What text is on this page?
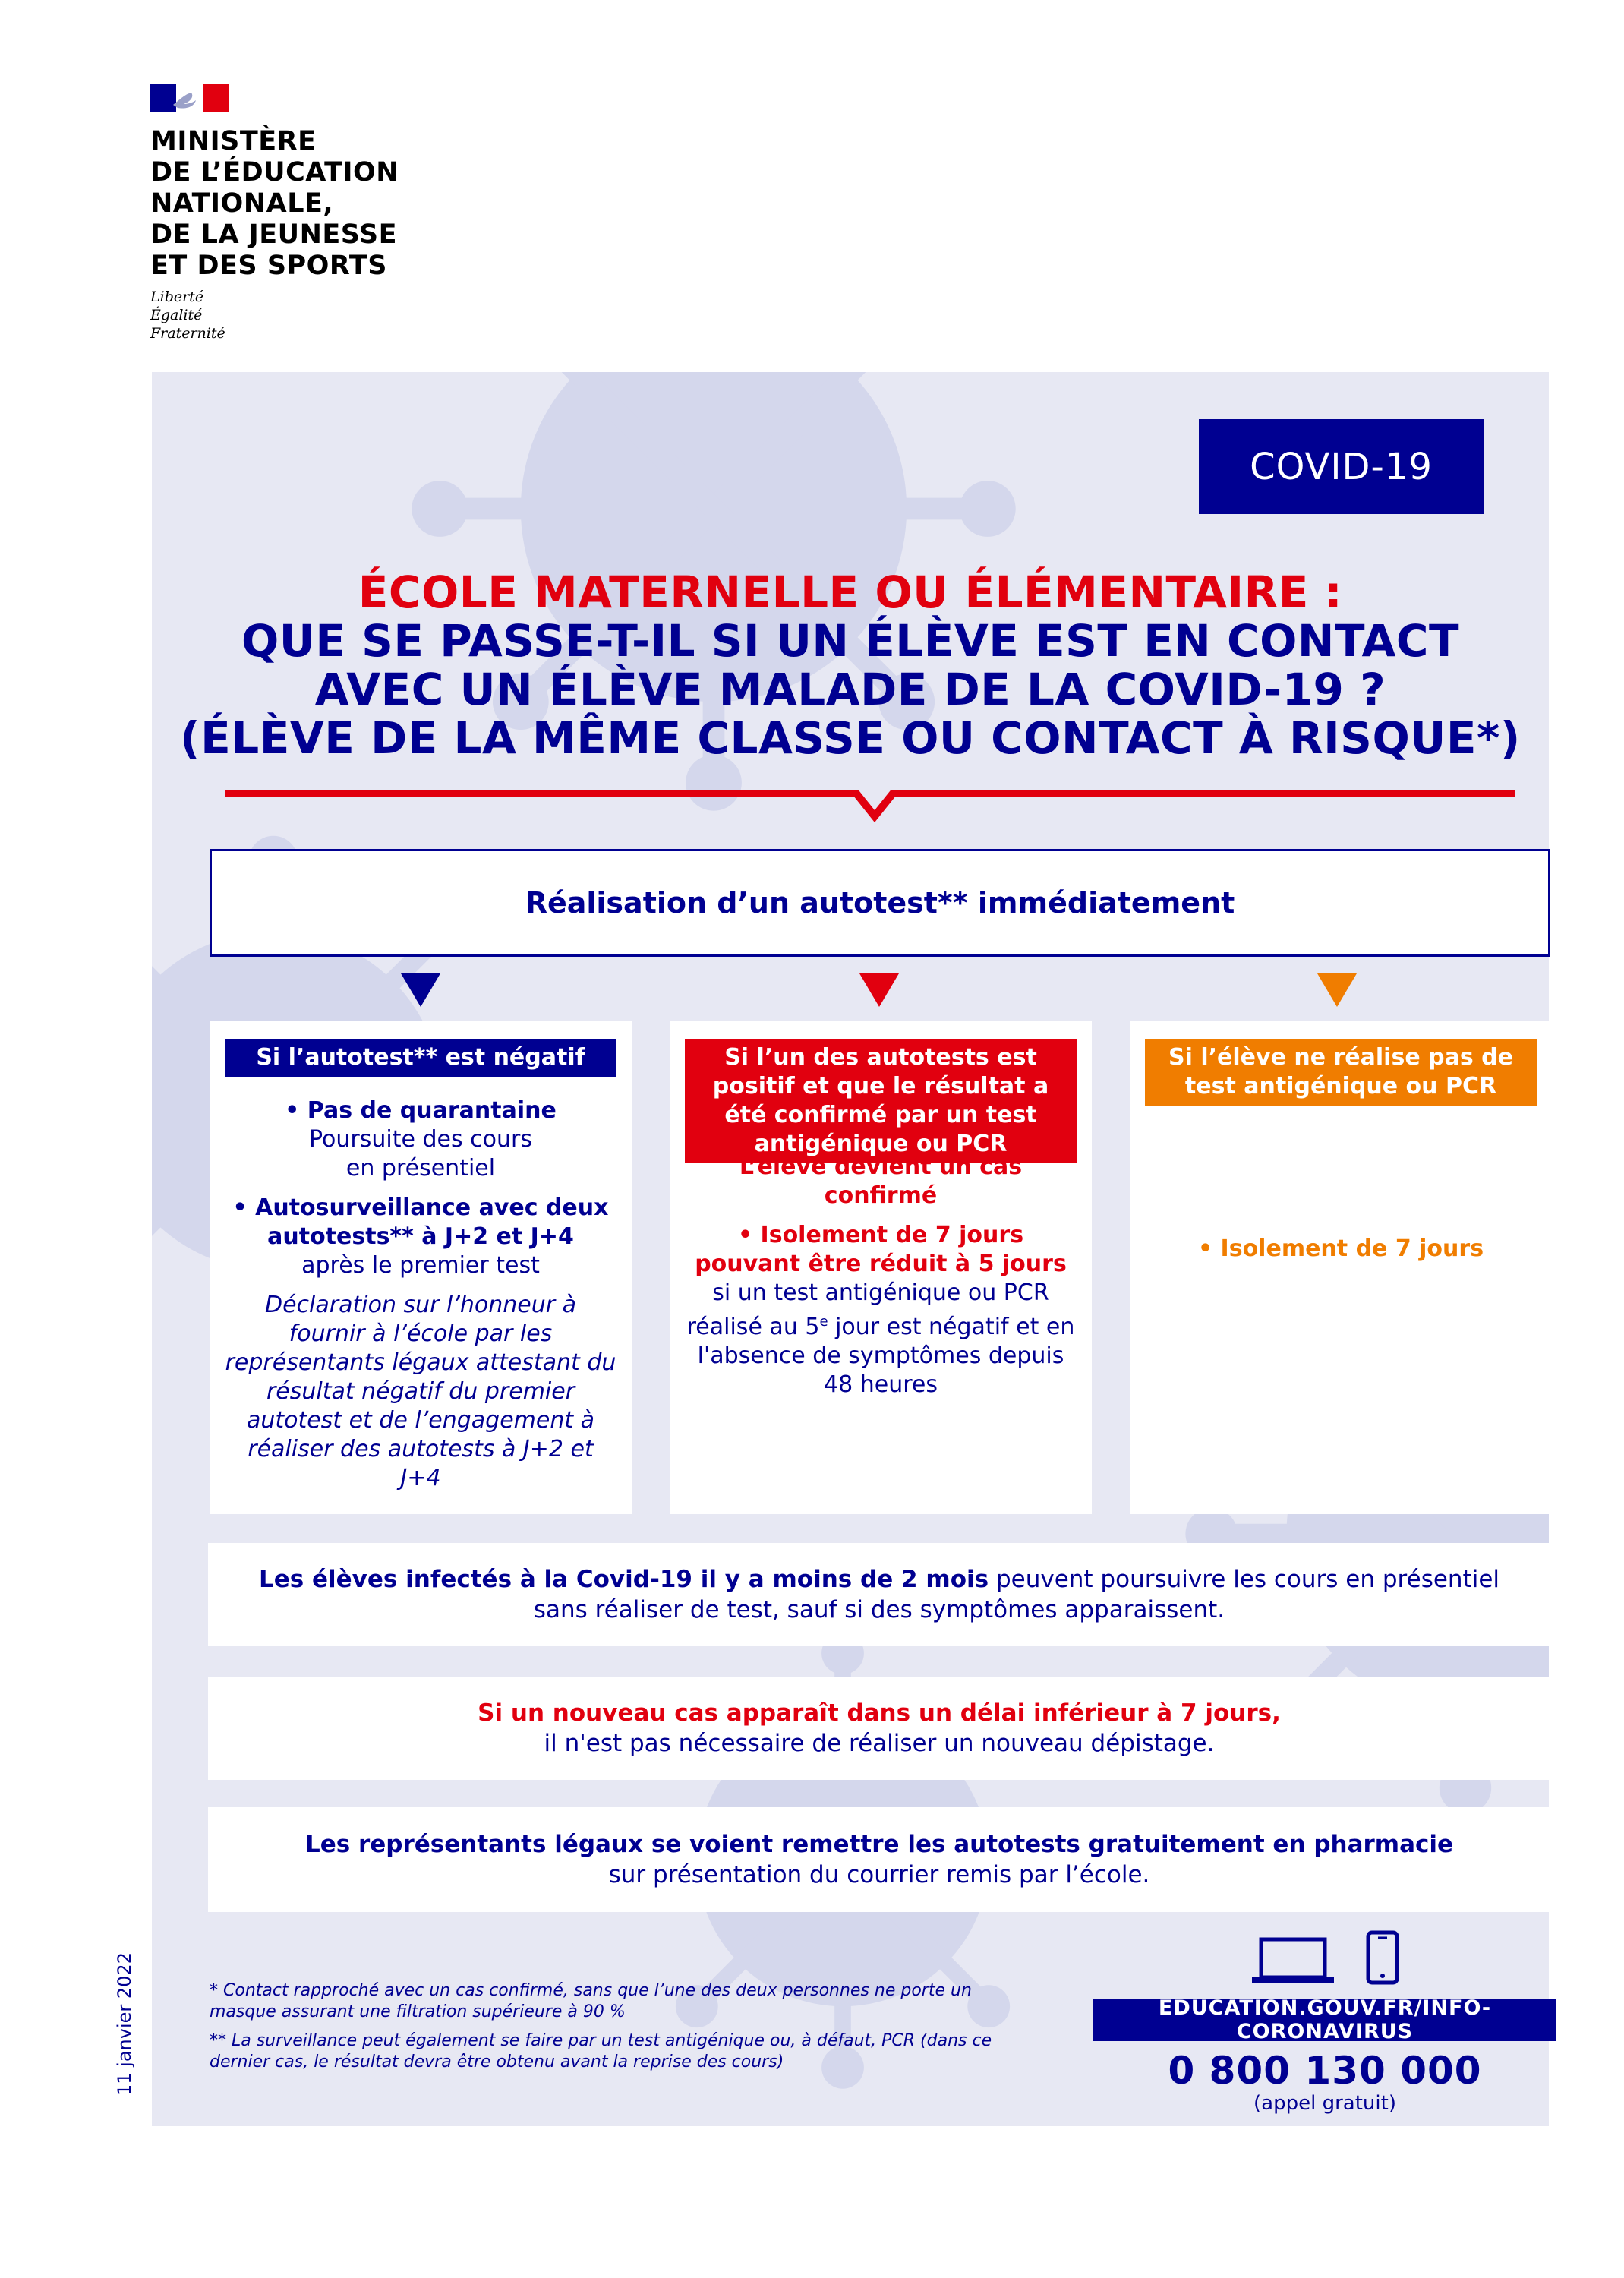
MINISTÈRE
DE L’ÉDUCATION
NATIONALE,
DE LA JEUNESSE
ET DES SPORTS
Liberté
Égalité
Fraternité
COVID-19
ÉCOLE MATERNELLE OU ÉLÉMENTAIRE :
QUE SE PASSE-T-IL SI UN ÉLÈVE EST EN CONTACT
AVEC UN ÉLÈVE MALADE DE LA COVID-19 ?
(ÉLÈVE DE LA MÊME CLASSE OU CONTACT À RISQUE*)
Réalisation d’un autotest** immédiatement
Si l’autotest** est négatif

• Pas de quarantaine
Poursuite des cours
en présentiel

• Autosurveillance avec deux autotests** à J+2 et J+4
après le premier test

Déclaration sur l’honneur à fournir à l’école par les représentants légaux attestant du résultat négatif du premier autotest et de l’engagement à réaliser des autotests à J+2 et J+4

Si l’un des autotests est positif et que le résultat a été confirmé par un test antigénique ou PCR

L’élève devient un cas confirmé

• Isolement de 7 jours pouvant être réduit à 5 jours si un test antigénique ou PCR réalisé au 5e jour est négatif et en l'absence de symptômes depuis 48 heures

Si l’élève ne réalise pas de test antigénique ou PCR

• Isolement de 7 jours

Les élèves infectés à la Covid-19 il y a moins de 2 mois peuvent poursuivre les cours en présentiel
sans réaliser de test, sauf si des symptômes apparaissent.
Si un nouveau cas apparaît dans un délai inférieur à 7 jours,
il n'est pas nécessaire de réaliser un nouveau dépistage.
Les représentants légaux se voient remettre les autotests gratuitement en pharmacie
sur présentation du courrier remis par l’école.

* Contact rapproché avec un cas confirmé, sans que l’une des deux personnes ne porte un masque assurant une filtration supérieure à 90 %

** La surveillance peut également se faire par un test antigénique ou, à défaut, PCR (dans ce dernier cas, le résultat devra être obtenu avant la reprise des cours)

11 janvier 2022	EDUCATION.GOUV.FR/INFO-CORONAVIRUS
0 800 130 000
(appel gratuit)
